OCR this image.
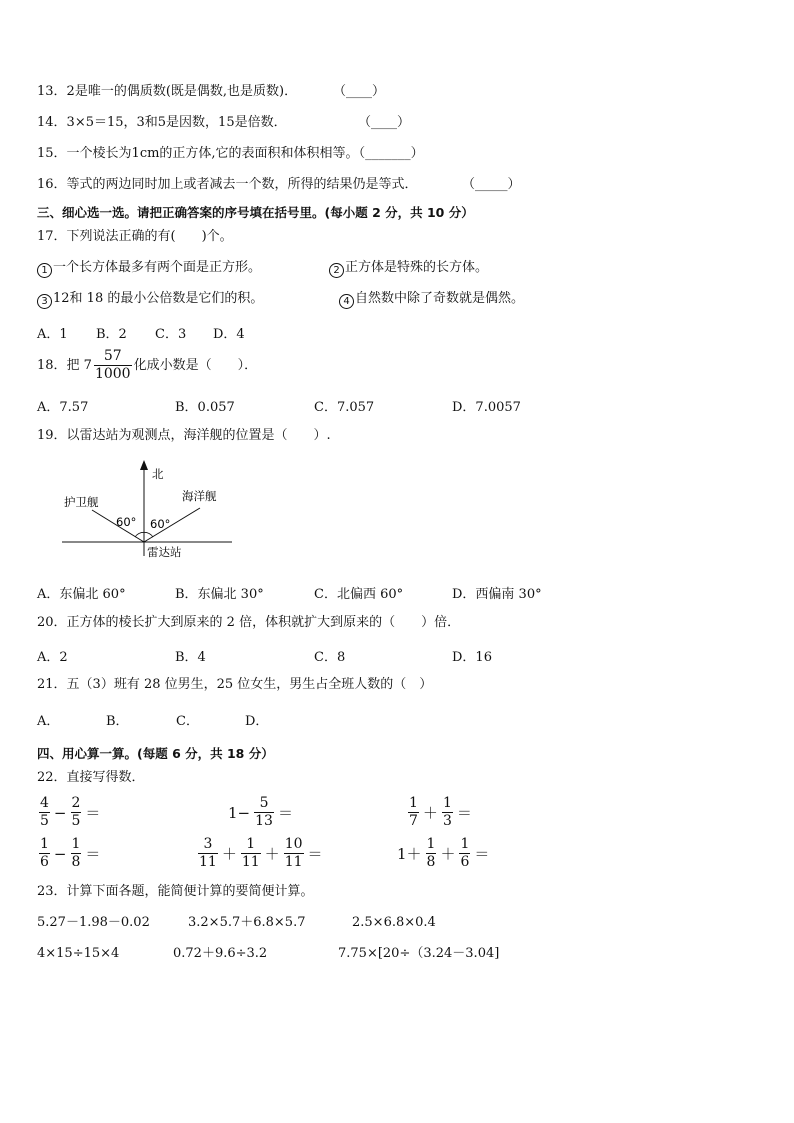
13．2是唯一的偶质数(既是偶数,也是质数)．	（____）
14．3×5＝15，3和5是因数，15是倍数．	（____）
15．一个棱长为1cm的正方体,它的表面积和体积相等。（_______）
16．等式的两边同时加上或者减去一个数，所得的结果仍是等式．	（_____）
三、细心选一选。请把正确答案的序号填在括号里。(每小题 2 分，共 10 分）
17．下列说法正确的有(　　)个。
1 一个长方体最多有两个面是正方形。	2 正方体是特殊的长方体。
3 12和 18 的最小公倍数是它们的积。	4 自然数中除了奇数就是偶然。
A．1 B．2 C．3 D．4
18．把 $7 \frac{57}{1000}$ 化成小数是（　　）．
A．7.57	B．0.057	C．7.057	D．7.0057
19．以雷达站为观测点，海洋舰的位置是（　　）.
北
护卫舰	海洋舰
60° 60°
雷达站
A．东偏北 60°	B．东偏北 30°	C．北偏西 60°	D．西偏南 30°
20．正方体的棱长扩大到原来的 2 倍，体积就扩大到原来的（　　）倍．
A．2	B．4	C．8	D．16
21．五（3）班有 28 位男生，25 位女生，男生占全班人数的（　）
A．	B．	C．	D．
四、用心算一算。(每题 6 分，共 18 分）
22．直接写得数．
$\frac{4}{5} - \frac{2}{5}$ ＝	$1- \frac{5}{13}$ ＝	$\frac{1}{7} + \frac{1}{3}$ ＝
$\frac{1}{6} - \frac{1}{8}$ ＝	$\frac{3}{11} + \frac{1}{11} + \frac{10}{11}$ ＝	$1+ \frac{1}{8} + \frac{1}{6}$ ＝
23．计算下面各题，能简便计算的要简便计算。
5.27－1.98－0.02	3.2×5.7＋6.8×5.7	2.5×6.8×0.4
4×15÷15×4	0.72＋9.6÷3.2	7.75×[20÷（3.24－3.04]
